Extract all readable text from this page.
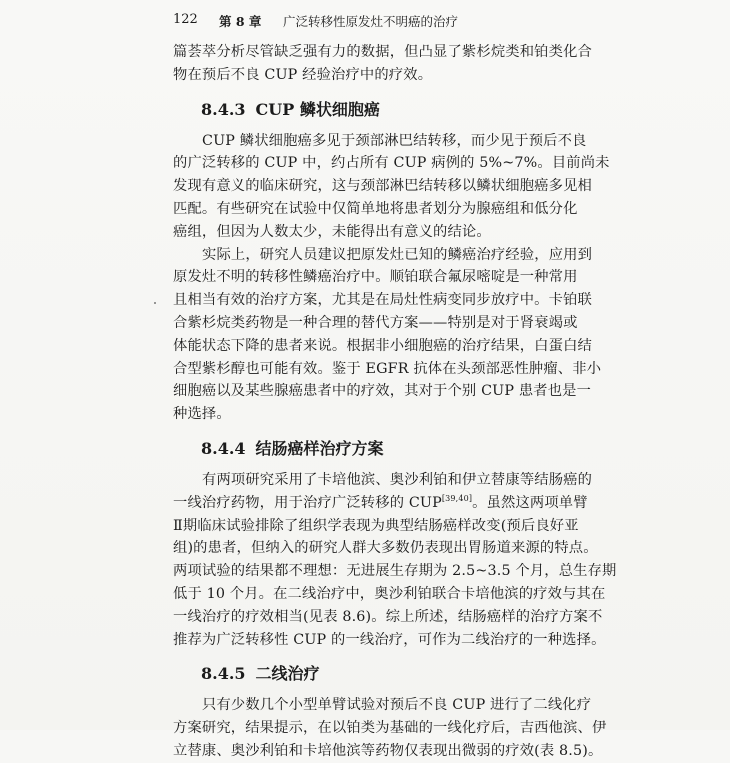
122 第 8 章 广泛转移性原发灶不明癌的治疗
篇荟萃分析尽管缺乏强有力的数据，但凸显了紫杉烷类和铂类化合
物在预后不良 CUP 经验治疗中的疗效。
8.4.3 CUP 鳞状细胞癌
CUP 鳞状细胞癌多见于颈部淋巴结转移，而少见于预后不良
的广泛转移的 CUP 中，约占所有 CUP 病例的 5%~7%。目前尚未
发现有意义的临床研究，这与颈部淋巴结转移以鳞状细胞癌多见相
匹配。有些研究在试验中仅简单地将患者划分为腺癌组和低分化
癌组，但因为人数太少，未能得出有意义的结论。
实际上，研究人员建议把原发灶已知的鳞癌治疗经验，应用到
原发灶不明的转移性鳞癌治疗中。顺铂联合氟尿嘧啶是一种常用
且相当有效的治疗方案，尤其是在局灶性病变同步放疗中。卡铂联
合紫杉烷类药物是一种合理的替代方案——特别是对于肾衰竭或
体能状态下降的患者来说。根据非小细胞癌的治疗结果，白蛋白结
合型紫杉醇也可能有效。鉴于 EGFR 抗体在头颈部恶性肿瘤、非小
细胞癌以及某些腺癌患者中的疗效，其对于个别 CUP 患者也是一
种选择。
8.4.4 结肠癌样治疗方案
有两项研究采用了卡培他滨、奥沙利铂和伊立替康等结肠癌的
一线治疗药物，用于治疗广泛转移的 CUP[39,40]。虽然这两项单臂
Ⅱ期临床试验排除了组织学表现为典型结肠癌样改变(预后良好亚
组)的患者，但纳入的研究人群大多数仍表现出胃肠道来源的特点。
两项试验的结果都不理想：无进展生存期为 2.5~3.5 个月，总生存期
低于 10 个月。在二线治疗中，奥沙利铂联合卡培他滨的疗效与其在
一线治疗的疗效相当(见表 8.6)。综上所述，结肠癌样的治疗方案不
推荐为广泛转移性 CUP 的一线治疗，可作为二线治疗的一种选择。
8.4.5 二线治疗
只有少数几个小型单臂试验对预后不良 CUP 进行了二线化疗
方案研究，结果提示，在以铂类为基础的一线化疗后，吉西他滨、伊
立替康、奥沙利铂和卡培他滨等药物仅表现出微弱的疗效(表 8.5)。
